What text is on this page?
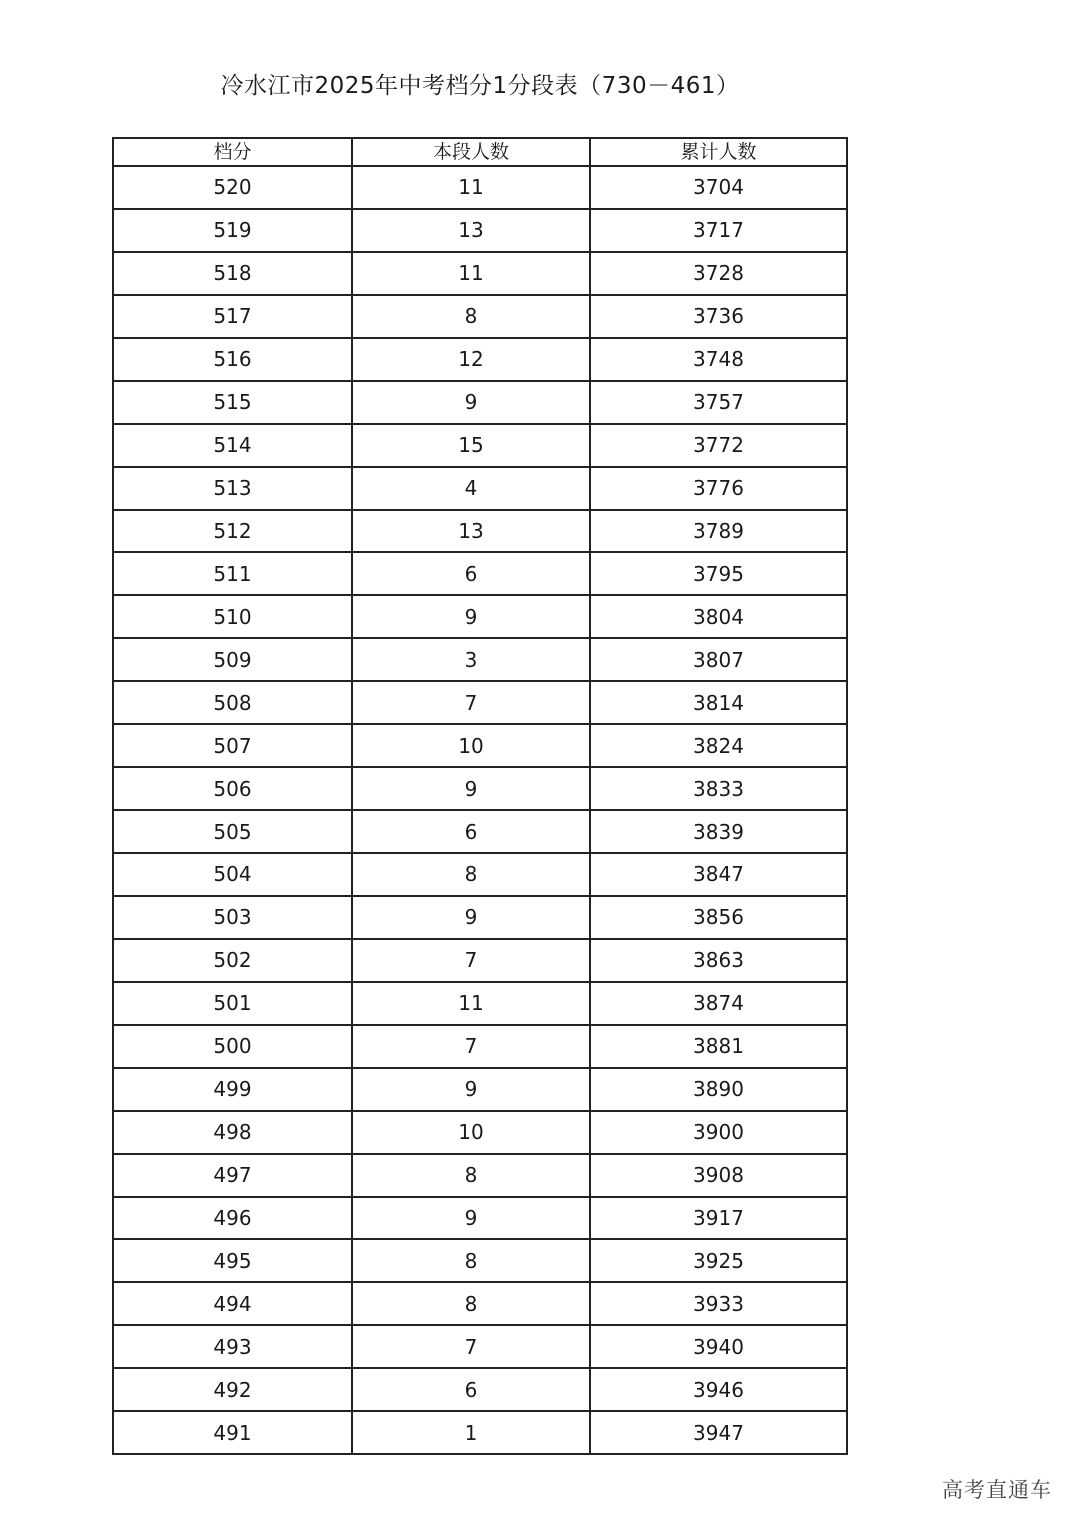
冷水江市2025年中考档分1分段表（730－461）
档分	本段人数	累计人数
520	11	3704
519	13	3717
518	11	3728
517	8	3736
516	12	3748
515	9	3757
514	15	3772
513	4	3776
512	13	3789
511	6	3795
510	9	3804
509	3	3807
508	7	3814
507	10	3824
506	9	3833
505	6	3839
504	8	3847
503	9	3856
502	7	3863
501	11	3874
500	7	3881
499	9	3890
498	10	3900
497	8	3908
496	9	3917
495	8	3925
494	8	3933
493	7	3940
492	6	3946
491	1	3947
高考直通车
